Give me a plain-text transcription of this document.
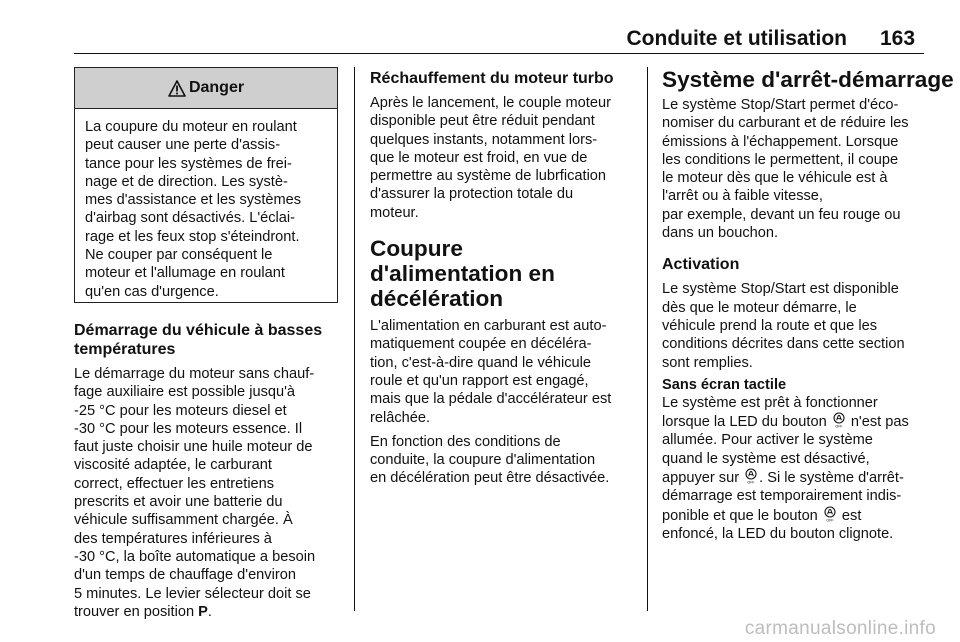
Conduite et utilisation 163
Danger

La coupure du moteur en roulant
peut causer une perte d'assis-
tance pour les systèmes de frei-
nage et de direction. Les systè-
mes d'assistance et les systèmes
d'airbag sont désactivés. L'éclai-
rage et les feux stop s'éteindront.
Ne couper par conséquent le
moteur et l'allumage en roulant
qu'en cas d'urgence.

Démarrage du véhicule à basses températures

Le démarrage du moteur sans chauf-
fage auxiliaire est possible jusqu'à
-25 °C pour les moteurs diesel et
-30 °C pour les moteurs essence. Il
faut juste choisir une huile moteur de
viscosité adaptée, le carburant
correct, effectuer les entretiens
prescrits et avoir une batterie du
véhicule suffisamment chargée. À
des températures inférieures à
-30 °C, la boîte automatique a besoin
d'un temps de chauffage d'environ
5 minutes. Le levier sélecteur doit se
trouver en position P.

Réchauffement du moteur turbo

Après le lancement, le couple moteur
disponible peut être réduit pendant
quelques instants, notamment lors-
que le moteur est froid, en vue de
permettre au système de lubrfication
d'assurer la protection totale du
moteur.

Coupure d'alimentation en décélération

L'alimentation en carburant est auto-
matiquement coupée en décéléra-
tion, c'est-à-dire quand le véhicule
roule et qu'un rapport est engagé,
mais que la pédale d'accélérateur est
relâchée.

En fonction des conditions de
conduite, la coupure d'alimentation
en décélération peut être désactivée.

Système d'arrêt-démarrage

Le système Stop/Start permet d'éco-
nomiser du carburant et de réduire les
émissions à l'échappement. Lorsque
les conditions le permettent, il coupe
le moteur dès que le véhicule est à
l'arrêt ou à faible vitesse,
par exemple, devant un feu rouge ou
dans un bouchon.

Activation

Le système Stop/Start est disponible
dès que le moteur démarre, le
véhicule prend la route et que les
conditions décrites dans cette section
sont remplies.

Sans écran tactile

Le système est prêt à fonctionner
lorsque la LED du bouton OFF n'est pas
allumée. Pour activer le système
quand le système est désactivé,
appuyer sur OFF . Si le système d'arrêt-
démarrage est temporairement indis-
ponible et que le bouton OFF est
enfoncé, la LED du bouton clignote.

carmanualsonline.info
